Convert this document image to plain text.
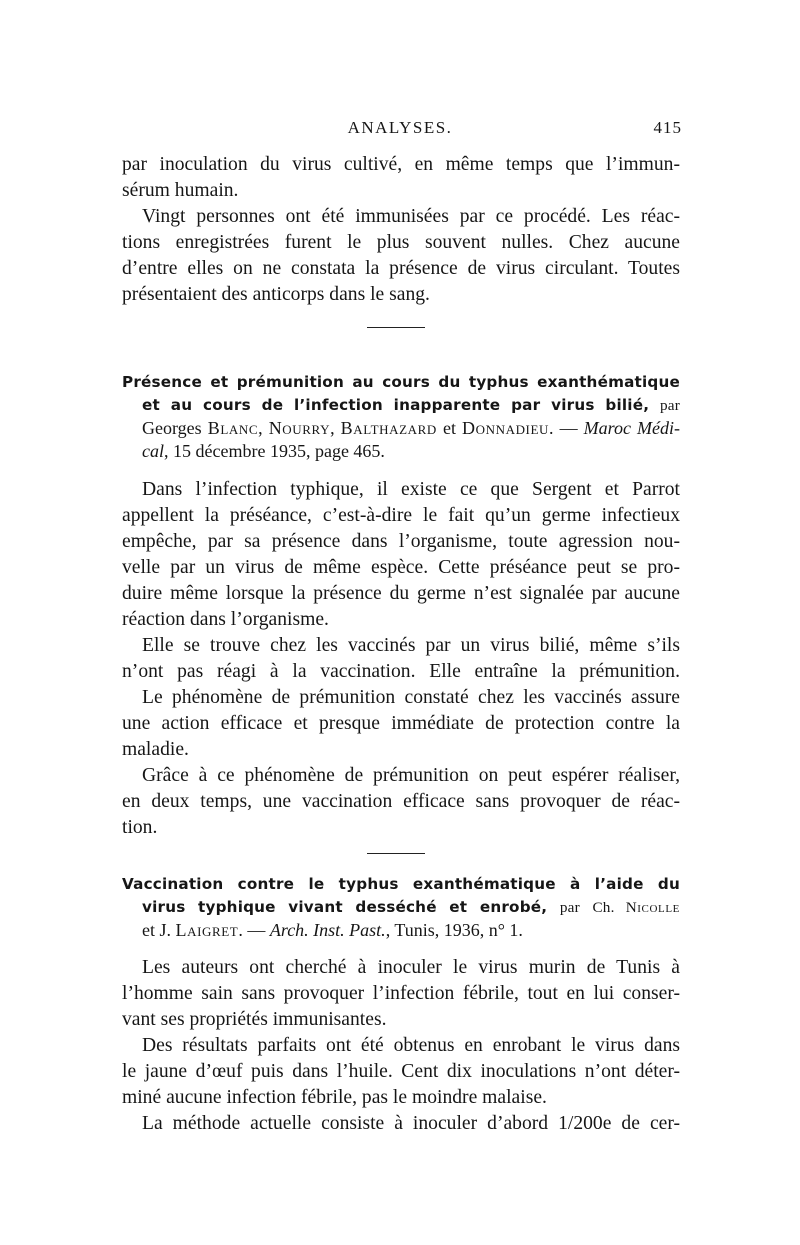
ANALYSES.	415
par inoculation du virus cultivé, en même temps que l’immun-
sérum humain.
Vingt personnes ont été immunisées par ce procédé. Les réac-
tions enregistrées furent le plus souvent nulles. Chez aucune
d’entre elles on ne constata la présence de virus circulant. Toutes
présentaient des anticorps dans le sang.
Présence et prémunition au cours du typhus exanthématique
et au cours de l’infection inapparente par virus bilié, par
Georges Blanc, Nourry, Balthazard et Donnadieu. — Maroc Médi-
cal, 15 décembre 1935, page 465.
Dans l’infection typhique, il existe ce que Sergent et Parrot
appellent la préséance, c’est-à-dire le fait qu’un germe infectieux
empêche, par sa présence dans l’organisme, toute agression nou-
velle par un virus de même espèce. Cette préséance peut se pro-
duire même lorsque la présence du germe n’est signalée par aucune
réaction dans l’organisme.
Elle se trouve chez les vaccinés par un virus bilié, même s’ils
n’ont pas réagi à la vaccination. Elle entraîne la prémunition.
Le phénomène de prémunition constaté chez les vaccinés assure
une action efficace et presque immédiate de protection contre la
maladie.
Grâce à ce phénomène de prémunition on peut espérer réaliser,
en deux temps, une vaccination efficace sans provoquer de réac-
tion.
Vaccination contre le typhus exanthématique à l’aide du
virus typhique vivant desséché et enrobé, par Ch. Nicolle
et J. Laigret. — Arch. Inst. Past., Tunis, 1936, n° 1.
Les auteurs ont cherché à inoculer le virus murin de Tunis à
l’homme sain sans provoquer l’infection fébrile, tout en lui conser-
vant ses propriétés immunisantes.
Des résultats parfaits ont été obtenus en enrobant le virus dans
le jaune d’œuf puis dans l’huile. Cent dix inoculations n’ont déter-
miné aucune infection fébrile, pas le moindre malaise.
La méthode actuelle consiste à inoculer d’abord 1/200e de cer-
